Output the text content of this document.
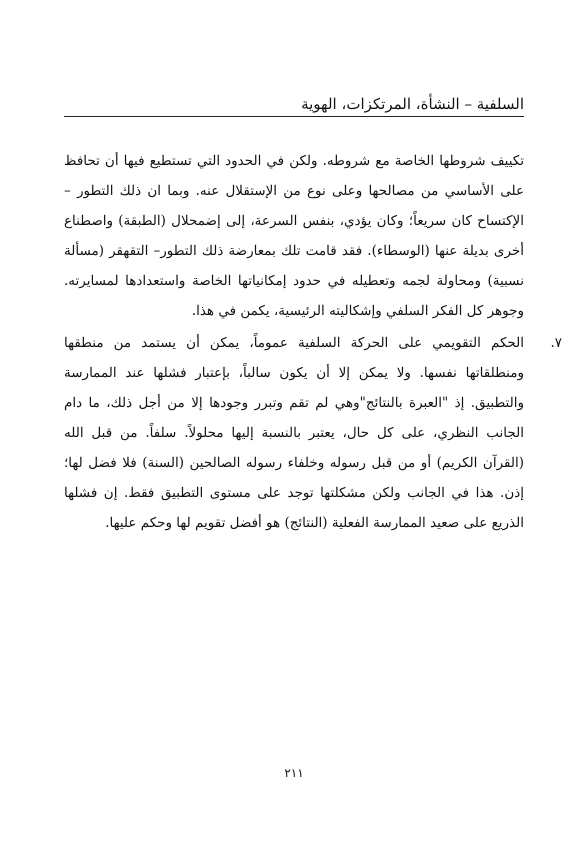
السلفية – النشأة، المرتكزات، الهوية

تكييف شروطها الخاصة مع شروطه. ولكن في الحدود التي تستطيع فيها أن تحافظ على الأساسي من مصالحها وعلى نوع من الإستقلال عنه. وبما ان ذلك التطور – الإكتساح كان سريعاً؛ وكان يؤدي، بنفس السرعة، إلى إضمحلال (الطبقة) واصطناع أخرى بديلة عنها (الوسطاء). فقد قامت تلك بمعارضة ذلك التطور– التقهقر (مسألة نسبية) ومحاولة لجمه وتعطيله في حدود إمكانياتها الخاصة واستعدادها لمسايرته. وجوهر كل الفكر السلفي وإشكاليته الرئيسية، يكمن في هذا.

٧.

الحكم التقويمي على الحركة السلفية عموماً، يمكن أن يستمد من منطقها ومنطلقاتها نفسها. ولا يمكن إلا أن يكون سالباً، بإعتبار فشلها عند الممارسة والتطبيق. إذ "العبرة بالنتائج"وهي لم تقم وتبرر وجودها إلا من أجل ذلك، ما دام الجانب النظري، على كل حال، يعتبر بالنسبة إليها محلولاً. سلفاً. من قبل الله (القرآن الكريم) أو من قبل رسوله وخلفاء رسوله الصالحين (السنة) فلا فضل لها؛ إذن. هذا في الجانب ولكن مشكلتها توجد على مستوى التطبيق فقط. إن فشلها الذريع على صعيد الممارسة الفعلية (النتائج) هو أفضل تقويم لها وحكم عليها.

٢١١
